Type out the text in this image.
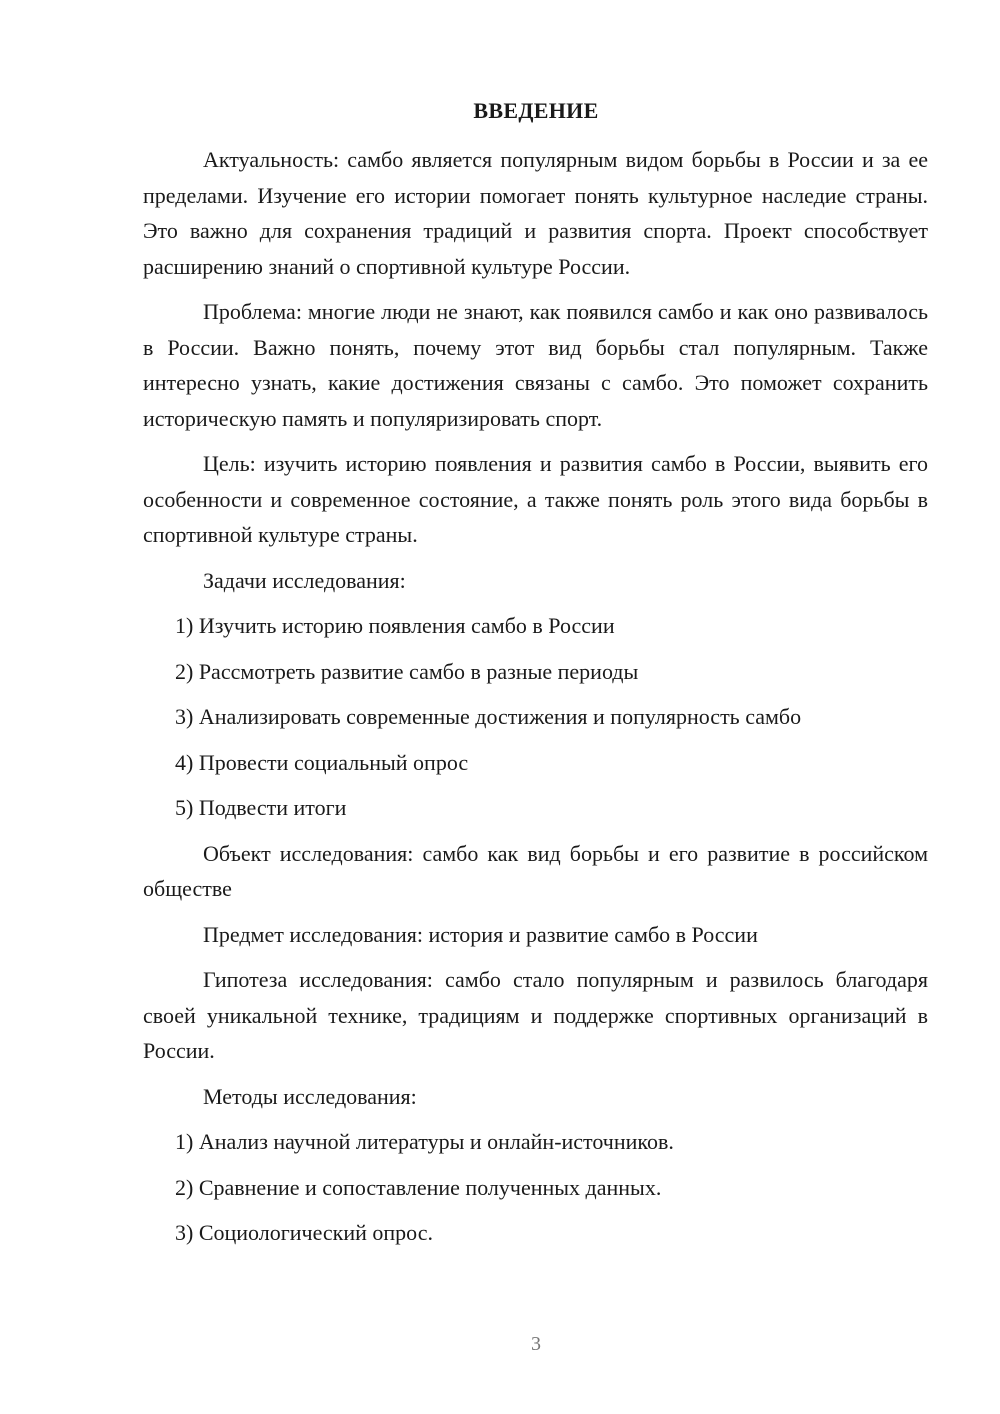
ВВЕДЕНИЕ

Актуальность: самбо является популярным видом борьбы в России и за ее пределами. Изучение его истории помогает понять культурное наследие страны. Это важно для сохранения традиций и развития спорта. Проект способствует расширению знаний о спортивной культуре России.

Проблема: многие люди не знают, как появился самбо и как оно развивалось в России. Важно понять, почему этот вид борьбы стал популярным. Также интересно узнать, какие достижения связаны с самбо. Это поможет сохранить историческую память и популяризировать спорт.

Цель: изучить историю появления и развития самбо в России, выявить его особенности и современное состояние, а также понять роль этого вида борьбы в спортивной культуре страны.

Задачи исследования:

1) Изучить историю появления самбо в России

2) Рассмотреть развитие самбо в разные периоды

3) Анализировать современные достижения и популярность самбо

4) Провести социальный опрос

5) Подвести итоги

Объект исследования: самбо как вид борьбы и его развитие в российском обществе

Предмет исследования: история и развитие самбо в России

Гипотеза исследования: самбо стало популярным и развилось благодаря своей уникальной технике, традициям и поддержке спортивных организаций в России.

Методы исследования:

1) Анализ научной литературы и онлайн-источников.

2) Сравнение и сопоставление полученных данных.

3) Социологический опрос.

3
